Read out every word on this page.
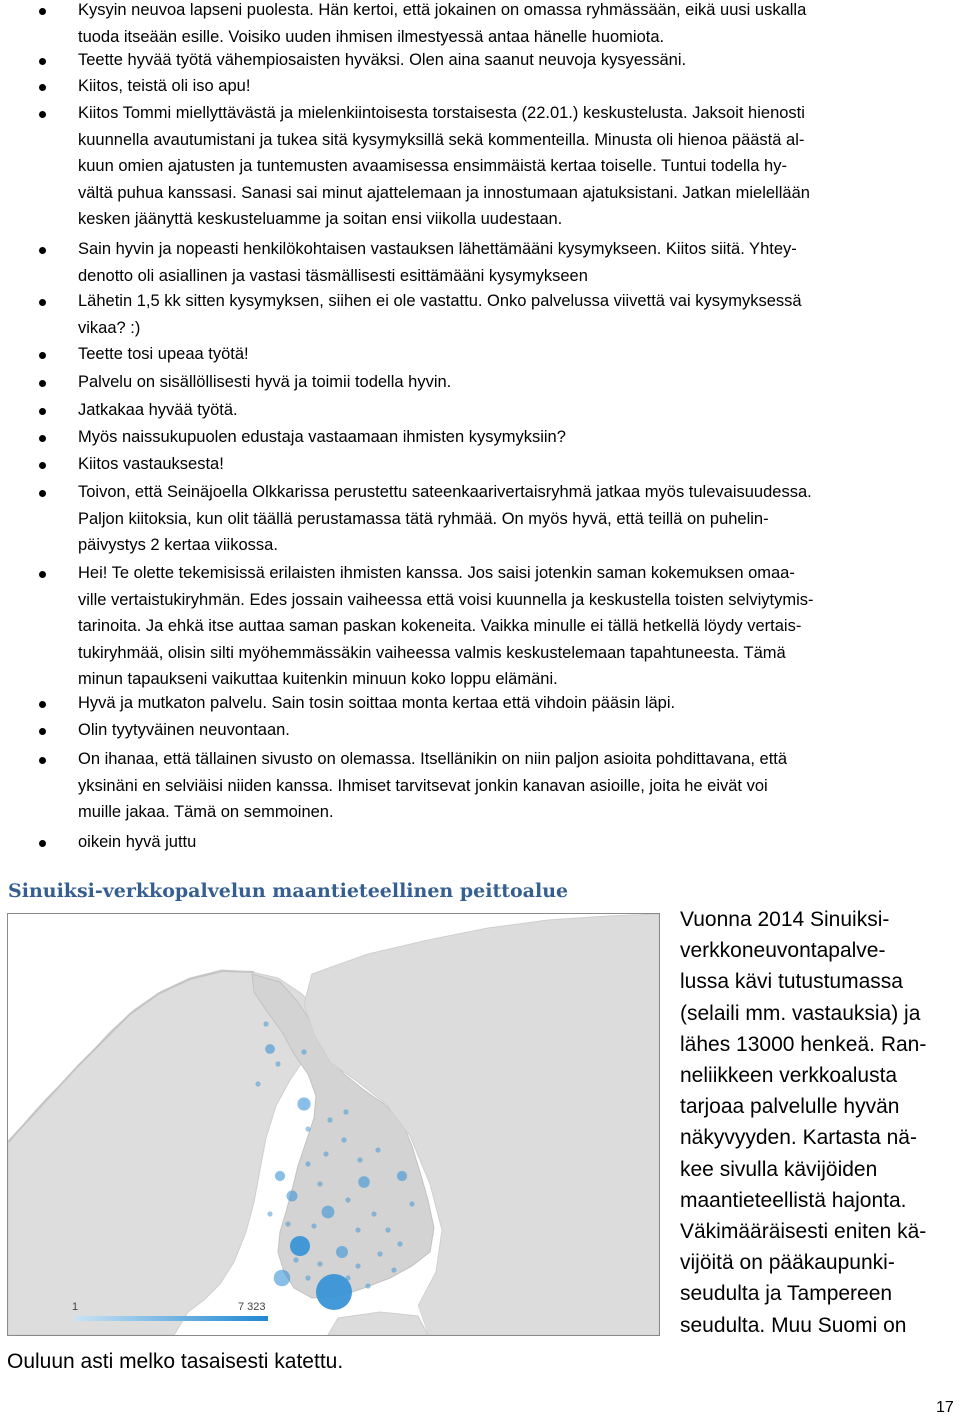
Kysyin neuvoa lapseni puolesta. Hän kertoi, että jokainen on omassa ryhmässään, eikä uusi uskalla
tuoda itseään esille. Voisiko uuden ihmisen ilmestyessä antaa hänelle huomiota.
Teette hyvää työtä vähempiosaisten hyväksi. Olen aina saanut neuvoja kysyessäni.
Kiitos, teistä oli iso apu!
Kiitos Tommi miellyttävästä ja mielenkiintoisesta torstaisesta (22.01.) keskustelusta. Jaksoit hienosti
kuunnella avautumistani ja tukea sitä kysymyksillä sekä kommenteilla. Minusta oli hienoa päästä al-
kuun omien ajatusten ja tuntemusten avaamisessa ensimmäistä kertaa toiselle. Tuntui todella hy-
vältä puhua kanssasi. Sanasi sai minut ajattelemaan ja innostumaan ajatuksistani. Jatkan mielellään
kesken jäänyttä keskusteluamme ja soitan ensi viikolla uudestaan.
Sain hyvin ja nopeasti henkilökohtaisen vastauksen lähettämääni kysymykseen. Kiitos siitä. Yhtey-
denotto oli asiallinen ja vastasi täsmällisesti esittämääni kysymykseen
Lähetin 1,5 kk sitten kysymyksen, siihen ei ole vastattu. Onko palvelussa viivettä vai kysymyksessä
vikaa? :)
Teette tosi upeaa työtä!
Palvelu on sisällöllisesti hyvä ja toimii todella hyvin.
Jatkakaa hyvää työtä.
Myös naissukupuolen edustaja vastaamaan ihmisten kysymyksiin?
Kiitos vastauksesta!
Toivon, että Seinäjoella Olkkarissa perustettu sateenkaarivertaisryhmä jatkaa myös tulevaisuudessa.
Paljon kiitoksia, kun olit täällä perustamassa tätä ryhmää. On myös hyvä, että teillä on puhelin-
päivystys 2 kertaa viikossa.
Hei! Te olette tekemisissä erilaisten ihmisten kanssa. Jos saisi jotenkin saman kokemuksen omaa-
ville vertaistukiryhmän. Edes jossain vaiheessa että voisi kuunnella ja keskustella toisten selviytymis-
tarinoita. Ja ehkä itse auttaa saman paskan kokeneita. Vaikka minulle ei tällä hetkellä löydy vertais-
tukiryhmää, olisin silti myöhemmässäkin vaiheessa valmis keskustelemaan tapahtuneesta. Tämä
minun tapaukseni vaikuttaa kuitenkin minuun koko loppu elämäni.
Hyvä ja mutkaton palvelu. Sain tosin soittaa monta kertaa että vihdoin pääsin läpi.
Olin tyytyväinen neuvontaan.
On ihanaa, että tällainen sivusto on olemassa. Itsellänikin on niin paljon asioita pohdittavana, että
yksinäni en selviäisi niiden kanssa. Ihmiset tarvitsevat jonkin kanavan asioille, joita he eivät voi
muille jakaa. Tämä on semmoinen.
oikein hyvä juttu
Sinuiksi-verkkopalvelun maantieteellinen peittoalue
1	7 323
Vuonna 2014 Sinuiksi-
verkkoneuvontapalve-
lussa kävi tutustumassa
(selaili mm. vastauksia) ja
lähes 13000 henkeä. Ran-
neliikkeen verkkoalusta
tarjoaa palvelulle hyvän
näkyvyyden. Kartasta nä-
kee sivulla kävijöiden
maantieteellistä hajonta.
Väkimääräisesti eniten kä-
vijöitä on pääkaupunki-
seudulta ja Tampereen
seudulta. Muu Suomi on

Ouluun asti melko tasaisesti katettu.

17
